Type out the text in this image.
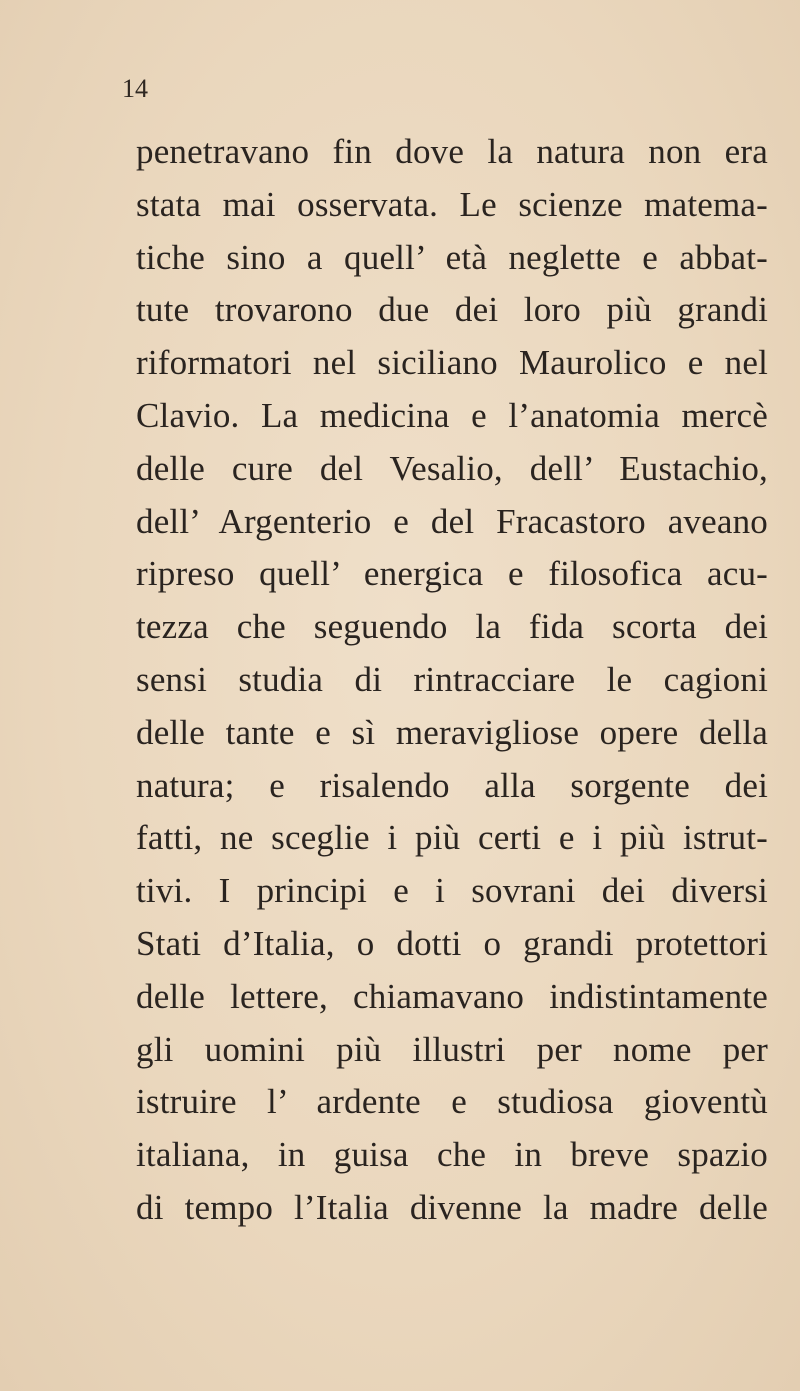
14
penetravano fin dove la natura non era
stata mai osservata. Le scienze matema-
tiche sino a quell’ età neglette e abbat-
tute trovarono due dei loro più grandi
riformatori nel siciliano Maurolico e nel
Clavio. La medicina e l’anatomia mercè
delle cure del Vesalio, dell’ Eustachio,
dell’ Argenterio e del Fracastoro aveano
ripreso quell’ energica e filosofica acu-
tezza che seguendo la fida scorta dei
sensi studia di rintracciare le cagioni
delle tante e sì meravigliose opere della
natura; e risalendo alla sorgente dei
fatti, ne sceglie i più certi e i più istrut-
tivi. I principi e i sovrani dei diversi
Stati d’Italia, o dotti o grandi protettori
delle lettere, chiamavano indistintamente
gli uomini più illustri per nome per
istruire l’ ardente e studiosa gioventù
italiana, in guisa che in breve spazio
di tempo l’Italia divenne la madre delle
